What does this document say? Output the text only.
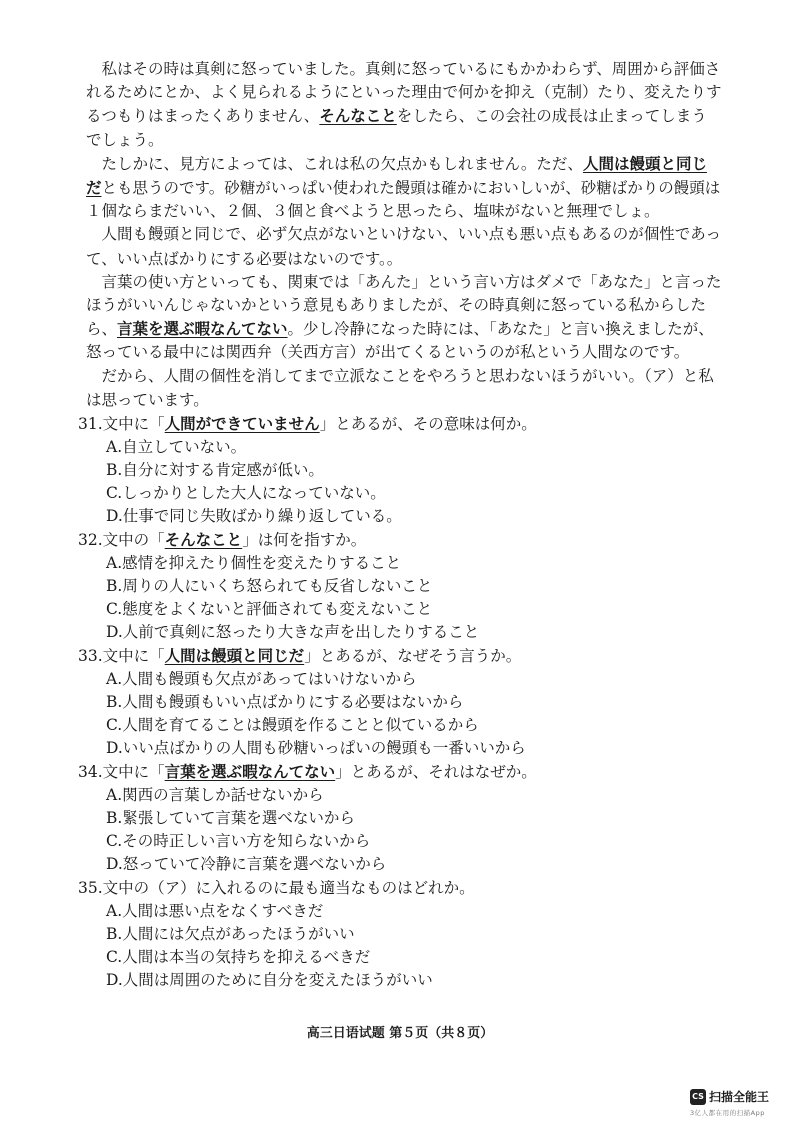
私はその時は真剣に怒っていました。真剣に怒っているにもかかわらず、周囲から評価されるためにとか、よく見られるようにといった理由で何かを抑え（克制）たり、変えたりするつもりはまったくありません、そんなことをしたら、この会社の成長は止まってしまうでしょう。

たしかに、見方によっては、これは私の欠点かもしれません。ただ、人間は饅頭と同じだとも思うのです。砂糖がいっぱい使われた饅頭は確かにおいしいが、砂糖ばかりの饅頭は１個ならまだいい、２個、３個と食べようと思ったら、塩味がないと無理でしょ。

人間も饅頭と同じで、必ず欠点がないといけない、いい点も悪い点もあるのが個性であって、いい点ばかりにする必要はないのです。。

言葉の使い方といっても、関東では「あんた」という言い方はダメで「あなた」と言ったほうがいいんじゃないかという意見もありましたが、その時真剣に怒っている私からしたら、言葉を選ぶ暇なんてない。少し冷静になった時には、「あなた」と言い換えましたが、怒っている最中には関西弁（关西方言）が出てくるというのが私という人間なのです。

だから、人間の個性を消してまで立派なことをやろうと思わないほうがいい。（ア）と私は思っています。

31.文中に「人間ができていません」とあるが、その意味は何か。

A.自立していない。

B.自分に対する肯定感が低い。

C.しっかりとした大人になっていない。

D.仕事で同じ失敗ばかり繰り返している。

32.文中の「そんなこと」は何を指すか。

A.感情を抑えたり個性を変えたりすること

B.周りの人にいくち怒られても反省しないこと

C.態度をよくないと評価されても変えないこと

D.人前で真剣に怒ったり大きな声を出したりすること

33.文中に「人間は饅頭と同じだ」とあるが、なぜそう言うか。

A.人間も饅頭も欠点があってはいけないから

B.人間も饅頭もいい点ばかりにする必要はないから

C.人間を育てることは饅頭を作ることと似ているから

D.いい点ばかりの人間も砂糖いっぱいの饅頭も一番いいから

34.文中に「言葉を選ぶ暇なんてない」とあるが、それはなぜか。

A.関西の言葉しか話せないから

B.緊張していて言葉を選べないから

C.その時正しい言い方を知らないから

D.怒っていて冷静に言葉を選べないから

35.文中の（ア）に入れるのに最も適当なものはどれか。

A.人間は悪い点をなくすべきだ

B.人間には欠点があったほうがいい

C.人間は本当の気持ちを抑えるべきだ

D.人間は周囲のために自分を変えたほうがいい

高三日语试题 第５页（共８页）
CS 扫描全能王
3亿人都在用的扫描App
